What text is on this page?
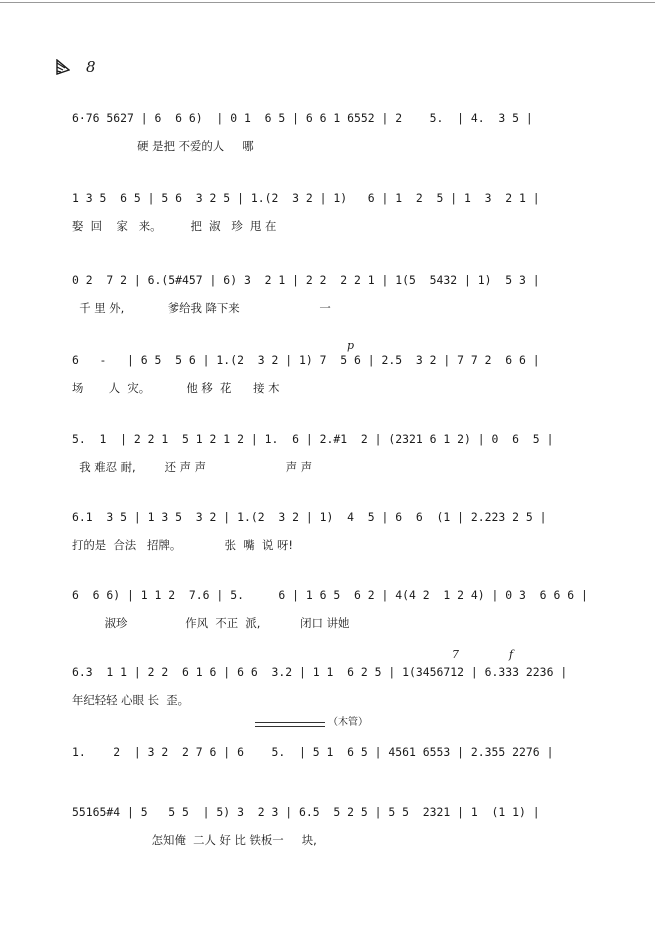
8
6·76 5627 | 6  6 6)  | 0 1  6 5 | 6 6 1 6552 | 2    5.  | 4.  3 5 |
硬 是把 不爱的人     哪
1 3 5  6 5 | 5 6  3 2 5 | 1.(2  3 2 | 1)   6 | 1  2  5 | 1  3  2 1 |
娶  回    家   来。        把  淑   珍  甩 在
0 2  7 2 | 6.(5#457 | 6) 3  2 1 | 2 2  2 2 1 | 1(5  5432 | 1)  5 3 |
千 里 外,            爹给我 降下来                      一
6   -   | 6 5  5 6 | 1.(2  3 2 | 1) 7  5 6 | 2.5  3 2 | 7 7 2  6 6 |
场       人  灾。          他 移  花      接 木
5.  1  | 2 2 1  5 1 2 1 2 | 1.  6 | 2.#1  2 | (2321 6 1 2) | 0  6  5 |
我 难忍 耐,        还 声 声                      声 声
6.1  3 5 | 1 3 5  3 2 | 1.(2  3 2 | 1)  4  5 | 6  6  (1 | 2.223 2 5 |
打的是  合法   招牌。            张  嘴  说 呀!
6  6 6) | 1 1 2  7.6 | 5.     6 | 1 6 5  6 2 | 4(4 2  1 2 4) | 0 3  6 6 6 |
淑珍                作风  不正  派,           闭口 讲她
6.3  1 1 | 2 2  6 1 6 | 6 6  3.2 | 1 1  6 2 5 | 1(3456712 | 6.333 2236 |
年纪轻轻 心眼 长  歪。
（木管）
1.    2  | 3 2  2 7 6 | 6    5.  | 5 1  6 5 | 4561 6553 | 2.355 2276 |
55165#4 | 5   5 5  | 5) 3  2 3 | 6.5  5 2 5 | 5 5  2321 | 1  (1 1) |
怎知俺  二人 好 比 铁板一     块,
p
f
7
